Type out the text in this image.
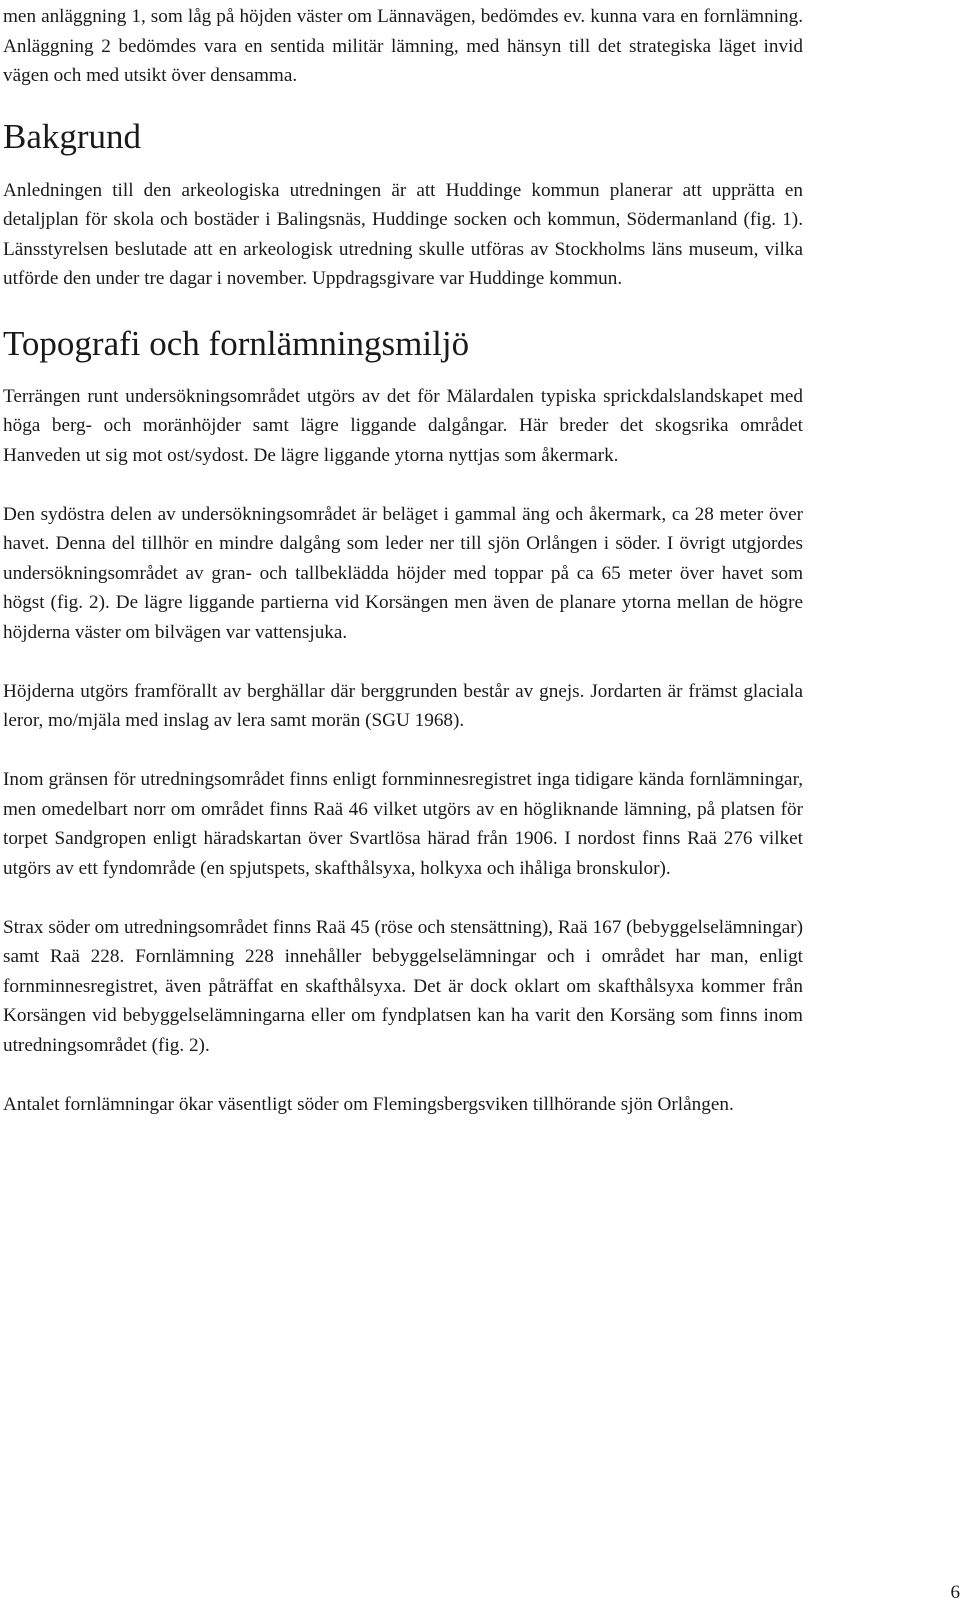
men anläggning 1, som låg på höjden väster om Lännavägen, bedömdes ev. kunna vara en fornlämning. Anläggning 2 bedömdes vara en sentida militär lämning, med hänsyn till det strategiska läget invid vägen och med utsikt över densamma.

Bakgrund

Anledningen till den arkeologiska utredningen är att Huddinge kommun planerar att upprätta en detaljplan för skola och bostäder i Balingsnäs, Huddinge socken och kommun, Södermanland (fig. 1). Länsstyrelsen beslutade att en arkeologisk utredning skulle utföras av Stockholms läns museum, vilka utförde den under tre dagar i november. Uppdragsgivare var Huddinge kommun.

Topografi och fornlämningsmiljö

Terrängen runt undersökningsområdet utgörs av det för Mälardalen typiska sprickdalslandskapet med höga berg- och moränhöjder samt lägre liggande dalgångar. Här breder det skogsrika området Hanveden ut sig mot ost/sydost. De lägre liggande ytorna nyttjas som åkermark.

Den sydöstra delen av undersökningsområdet är beläget i gammal äng och åkermark, ca 28 meter över havet. Denna del tillhör en mindre dalgång som leder ner till sjön Orlången i söder. I övrigt utgjordes undersökningsområdet av gran- och tallbeklädda höjder med toppar på ca 65 meter över havet som högst (fig. 2). De lägre liggande partierna vid Korsängen men även de planare ytorna mellan de högre höjderna väster om bilvägen var vattensjuka.

Höjderna utgörs framförallt av berghällar där berggrunden består av gnejs. Jordarten är främst glaciala leror, mo/mjäla med inslag av lera samt morän (SGU 1968).

Inom gränsen för utredningsområdet finns enligt fornminnesregistret inga tidigare kända fornlämningar, men omedelbart norr om området finns Raä 46 vilket utgörs av en högliknande lämning, på platsen för torpet Sandgropen enligt häradskartan över Svartlösa härad från 1906. I nordost finns Raä 276 vilket utgörs av ett fyndområde (en spjutspets, skafthålsyxa, holkyxa och ihåliga bronskulor).

Strax söder om utredningsområdet finns Raä 45 (röse och stensättning), Raä 167 (bebyggelselämningar) samt Raä 228. Fornlämning 228 innehåller bebyggelselämningar och i området har man, enligt fornminnesregistret, även påträffat en skafthålsyxa. Det är dock oklart om skafthålsyxa kommer från Korsängen vid bebyggelselämningarna eller om fyndplatsen kan ha varit den Korsäng som finns inom utredningsområdet (fig. 2).

Antalet fornlämningar ökar väsentligt söder om Flemingsbergsviken tillhörande sjön Orlången.

6
